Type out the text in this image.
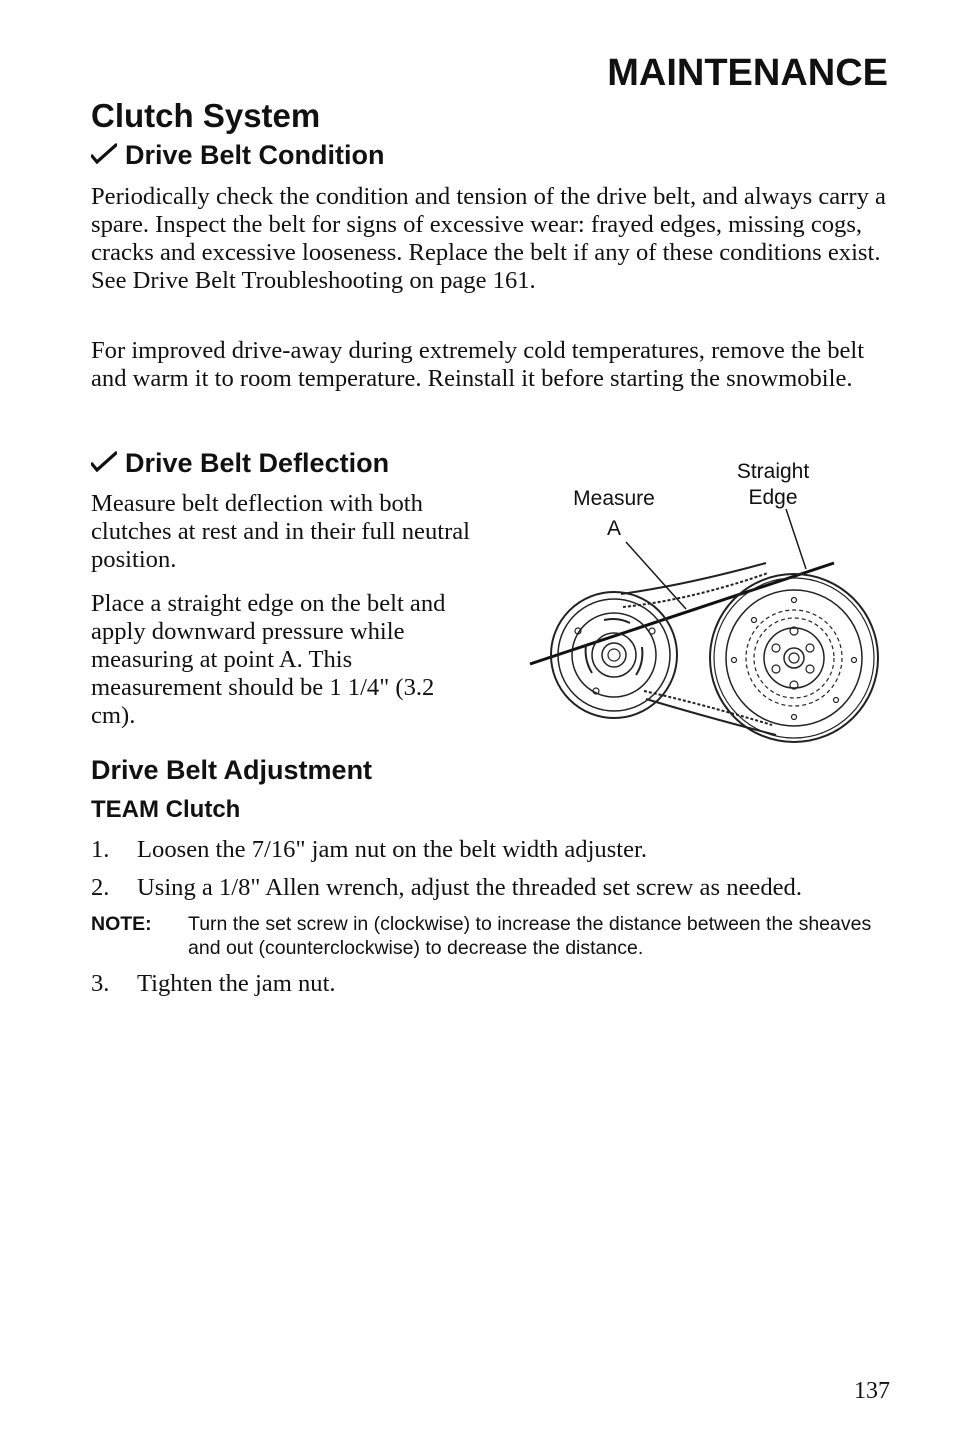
MAINTENANCE
Clutch System
Drive Belt Condition

Periodically check the condition and tension of the drive belt, and always carry a spare. Inspect the belt for signs of excessive wear: frayed edges, missing cogs, cracks and excessive looseness. Replace the belt if any of these conditions exist. See Drive Belt Troubleshooting on page 161.

For improved drive-away during extremely cold temperatures, remove the belt and warm it to room temperature. Reinstall it before starting the snowmobile.

Drive Belt Deflection

Measure belt deflection with both clutches at rest and in their full neutral position.

Place a straight edge on the belt and apply downward pressure while measuring at point A. This measurement should be 1 1/4" (3.2 cm).

Measure
A
Straight
Edge
Drive Belt Adjustment
TEAM Clutch
1. Loosen the 7/16" jam nut on the belt width adjuster.
2. Using a 1/8" Allen wrench, adjust the threaded set screw as needed.
NOTE: Turn the set screw in (clockwise) to increase the distance between the sheaves and out (counterclockwise) to decrease the distance.
3. Tighten the jam nut.
137
